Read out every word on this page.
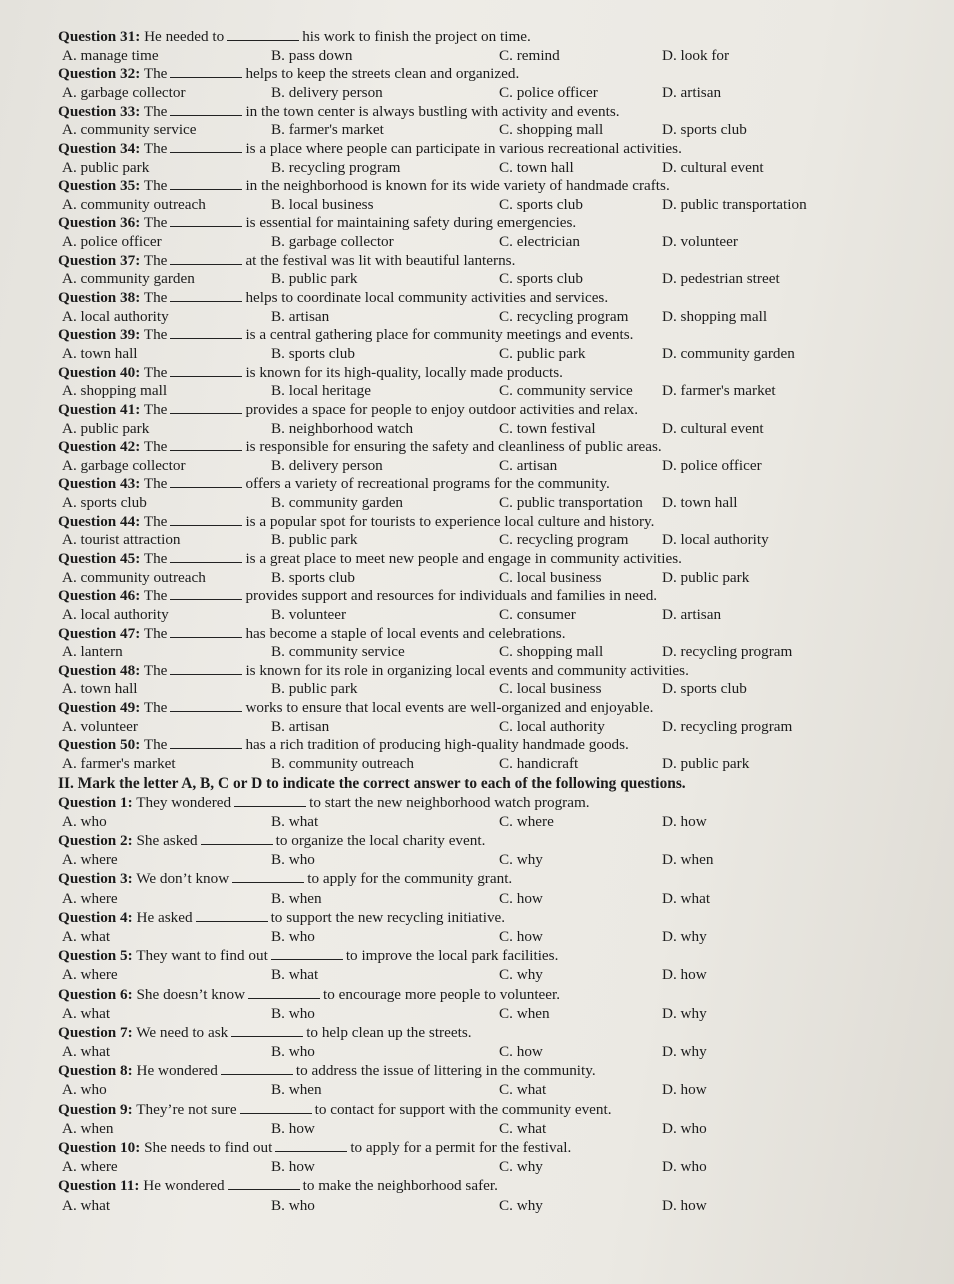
Question 31: He needed to	his work to finish the project on time.
A. manage time	B. pass down	C. remind	D. look for
Question 32: The	helps to keep the streets clean and organized.
A. garbage collector	B. delivery person	C. police officer	D. artisan
Question 33: The	in the town center is always bustling with activity and events.
A. community service	B. farmer's market	C. shopping mall	D. sports club
Question 34: The	is a place where people can participate in various recreational activities.
A. public park	B. recycling program	C. town hall	D. cultural event
Question 35: The	in the neighborhood is known for its wide variety of handmade crafts.
A. community outreach	B. local business	C. sports club	D. public transportation
Question 36: The	is essential for maintaining safety during emergencies.
A. police officer	B. garbage collector	C. electrician	D. volunteer
Question 37: The	at the festival was lit with beautiful lanterns.
A. community garden	B. public park	C. sports club	D. pedestrian street
Question 38: The	helps to coordinate local community activities and services.
A. local authority	B. artisan	C. recycling program D. shopping mall
Question 39: The	is a central gathering place for community meetings and events.
A. town hall	B. sports club	C. public park	D. community garden
Question 40: The	is known for its high-quality, locally made products.
A. shopping mall	B. local heritage	C. community service D. farmer's market
Question 41: The	provides a space for people to enjoy outdoor activities and relax.
A. public park	B. neighborhood watch	C. town festival	D. cultural event
Question 42: The	is responsible for ensuring the safety and cleanliness of public areas.
A. garbage collector	B. delivery person	C. artisan	D. police officer
Question 43: The	offers a variety of recreational programs for the community.
A. sports club	B. community garden	C. public transportation D. town hall
Question 44: The	is a popular spot for tourists to experience local culture and history.
A. tourist attraction	B. public park	C. recycling program D. local authority
Question 45: The	is a great place to meet new people and engage in community activities.
A. community outreach	B. sports club	C. local business	D. public park
Question 46: The	provides support and resources for individuals and families in need.
A. local authority	B. volunteer	C. consumer	D. artisan
Question 47: The	has become a staple of local events and celebrations.
A. lantern	B. community service	C. shopping mall	D. recycling program
Question 48: The	is known for its role in organizing local events and community activities.
A. town hall	B. public park	C. local business	D. sports club
Question 49: The	works to ensure that local events are well-organized and enjoyable.
A. volunteer	B. artisan	C. local authority	D. recycling program
Question 50: The	has a rich tradition of producing high-quality handmade goods.
A. farmer's market	B. community outreach	C. handicraft	D. public park
II. Mark the letter A, B, C or D to indicate the correct answer to each of the following questions.
Question 1: They wondered	to start the new neighborhood watch program.
A. who	B. what	C. where	D. how
Question 2: She asked	to organize the local charity event.
A. where	B. who	C. why	D. when
Question 3: We don’t know	to apply for the community grant.
A. where	B. when	C. how	D. what
Question 4: He asked	to support the new recycling initiative.
A. what	B. who	C. how	D. why
Question 5: They want to find out	to improve the local park facilities.
A. where	B. what	C. why	D. how
Question 6: She doesn’t know	to encourage more people to volunteer.
A. what	B. who	C. when	D. why
Question 7: We need to ask	to help clean up the streets.
A. what	B. who	C. how	D. why
Question 8: He wondered	to address the issue of littering in the community.
A. who	B. when	C. what	D. how
Question 9: They’re not sure	to contact for support with the community event.
A. when	B. how	C. what	D. who
Question 10: She needs to find out	to apply for a permit for the festival.
A. where	B. how	C. why	D. who
Question 11: He wondered	to make the neighborhood safer.
A. what	B. who	C. why	D. how
